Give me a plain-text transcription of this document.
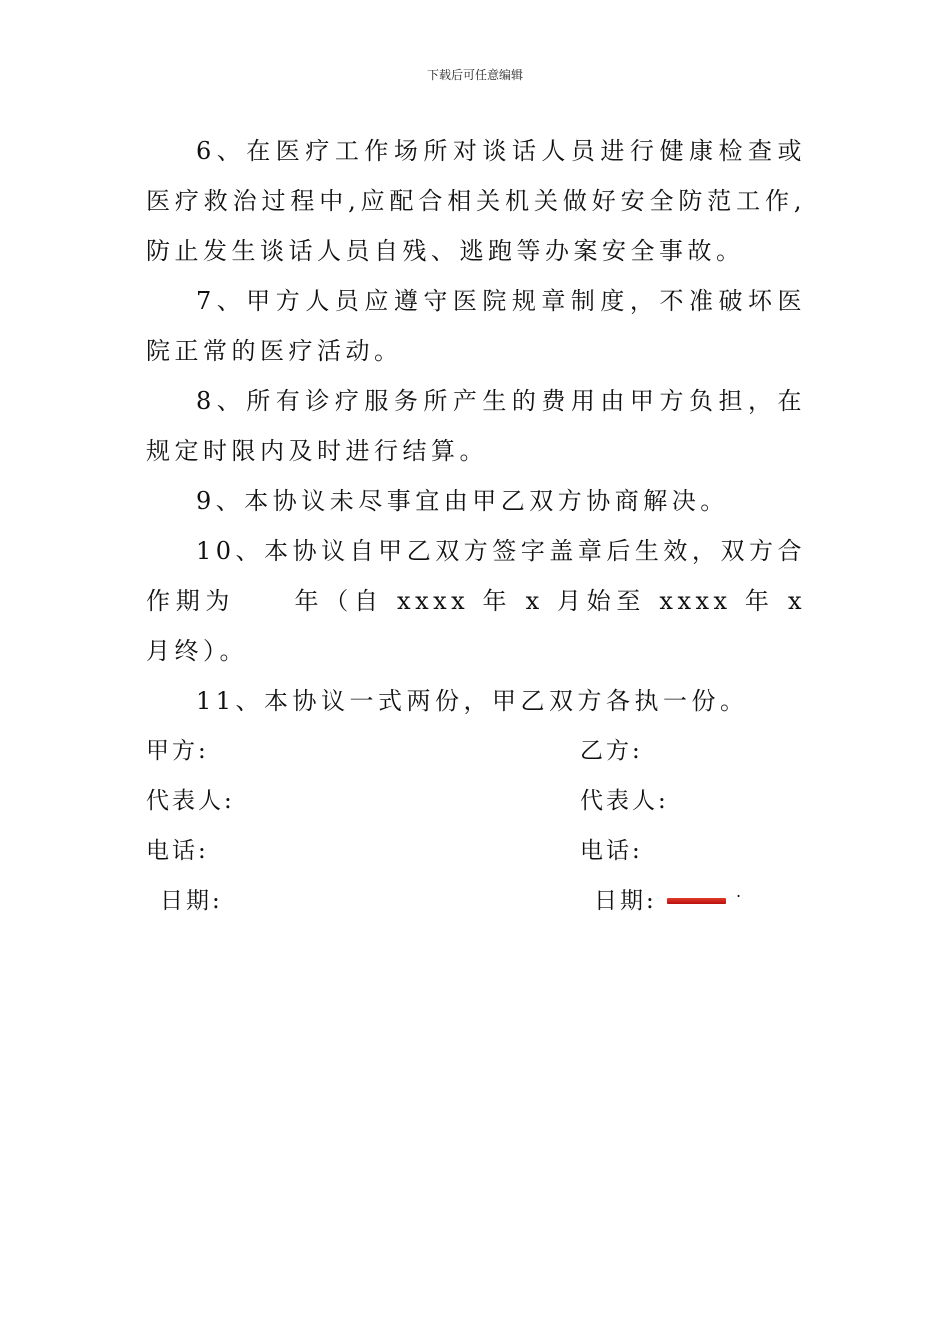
下载后可任意编辑

6、在医疗工作场所对谈话人员进行健康检查或医疗救治过程中,应配合相关机关做好安全防范工作,防止发生谈话人员自残、逃跑等办案安全事故。

7、甲方人员应遵守医院规章制度，不准破坏医院正常的医疗活动。

8、所有诊疗服务所产生的费用由甲方负担，在规定时限内及时进行结算。

9、本协议未尽事宜由甲乙双方协商解决。

10、本协议自甲乙双方签字盖章后生效，双方合作期为　　年（自 xxxx 年 x 月始至 xxxx 年 x 月终）。

11、本协议一式两份，甲乙双方各执一份。

甲方:
代表人:
电话:
日期:
乙方:
代表人:
电话:
日期:	.
